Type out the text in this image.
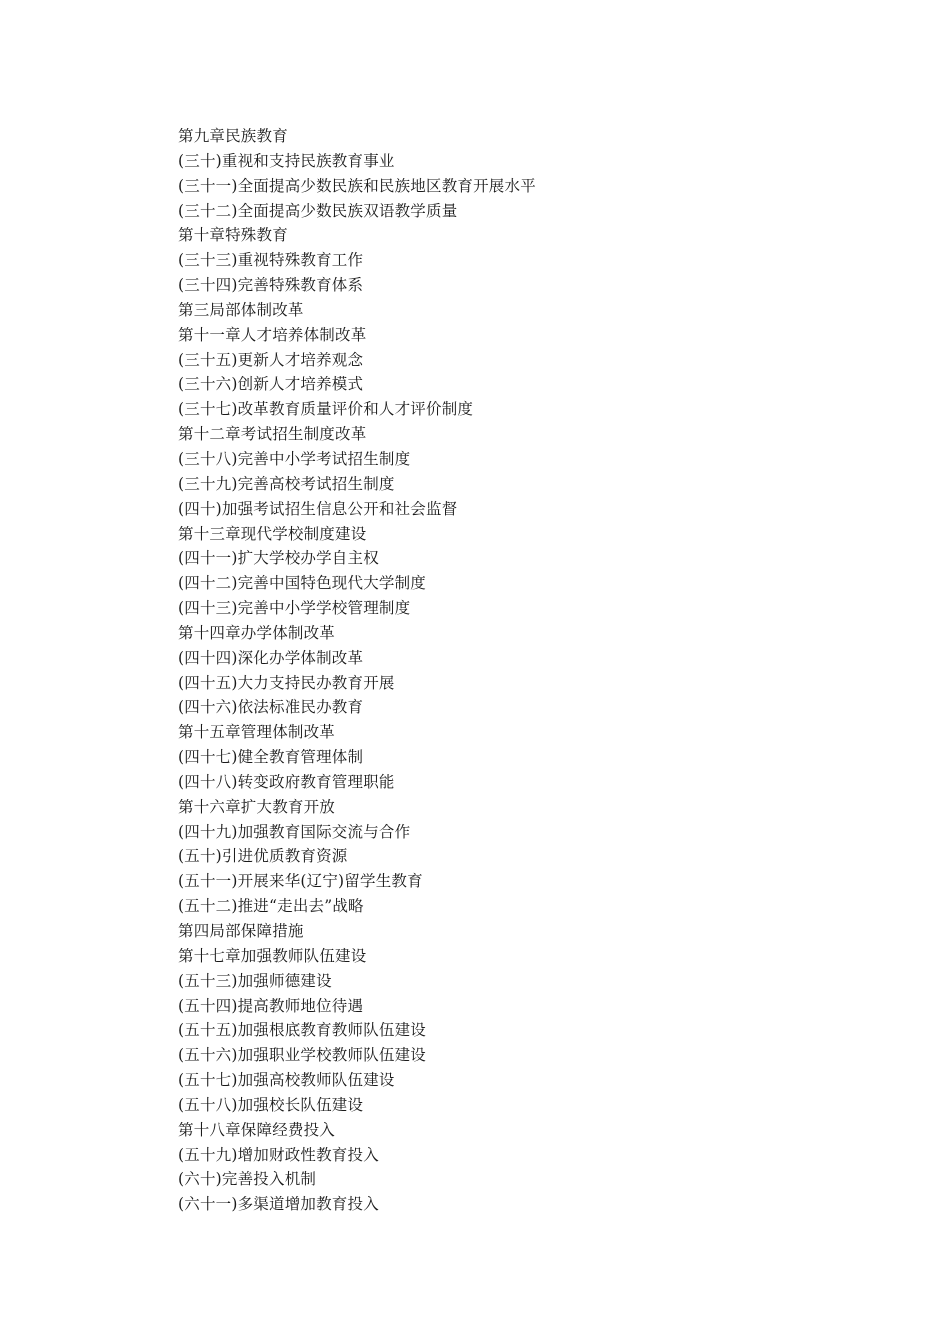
第九章民族教育
(三十)重视和支持民族教育事业
(三十一)全面提高少数民族和民族地区教育开展水平
(三十二)全面提高少数民族双语教学质量
第十章特殊教育
(三十三)重视特殊教育工作
(三十四)完善特殊教育体系
第三局部体制改革
第十一章人才培养体制改革
(三十五)更新人才培养观念
(三十六)创新人才培养模式
(三十七)改革教育质量评价和人才评价制度
第十二章考试招生制度改革
(三十八)完善中小学考试招生制度
(三十九)完善高校考试招生制度
(四十)加强考试招生信息公开和社会监督
第十三章现代学校制度建设
(四十一)扩大学校办学自主权
(四十二)完善中国特色现代大学制度
(四十三)完善中小学学校管理制度
第十四章办学体制改革
(四十四)深化办学体制改革
(四十五)大力支持民办教育开展
(四十六)依法标准民办教育
第十五章管理体制改革
(四十七)健全教育管理体制
(四十八)转变政府教育管理职能
第十六章扩大教育开放
(四十九)加强教育国际交流与合作
(五十)引进优质教育资源
(五十一)开展来华(辽宁)留学生教育
(五十二)推进“走出去”战略
第四局部保障措施
第十七章加强教师队伍建设
(五十三)加强师德建设
(五十四)提高教师地位待遇
(五十五)加强根底教育教师队伍建设
(五十六)加强职业学校教师队伍建设
(五十七)加强高校教师队伍建设
(五十八)加强校长队伍建设
第十八章保障经费投入
(五十九)增加财政性教育投入
(六十)完善投入机制
(六十一)多渠道增加教育投入
